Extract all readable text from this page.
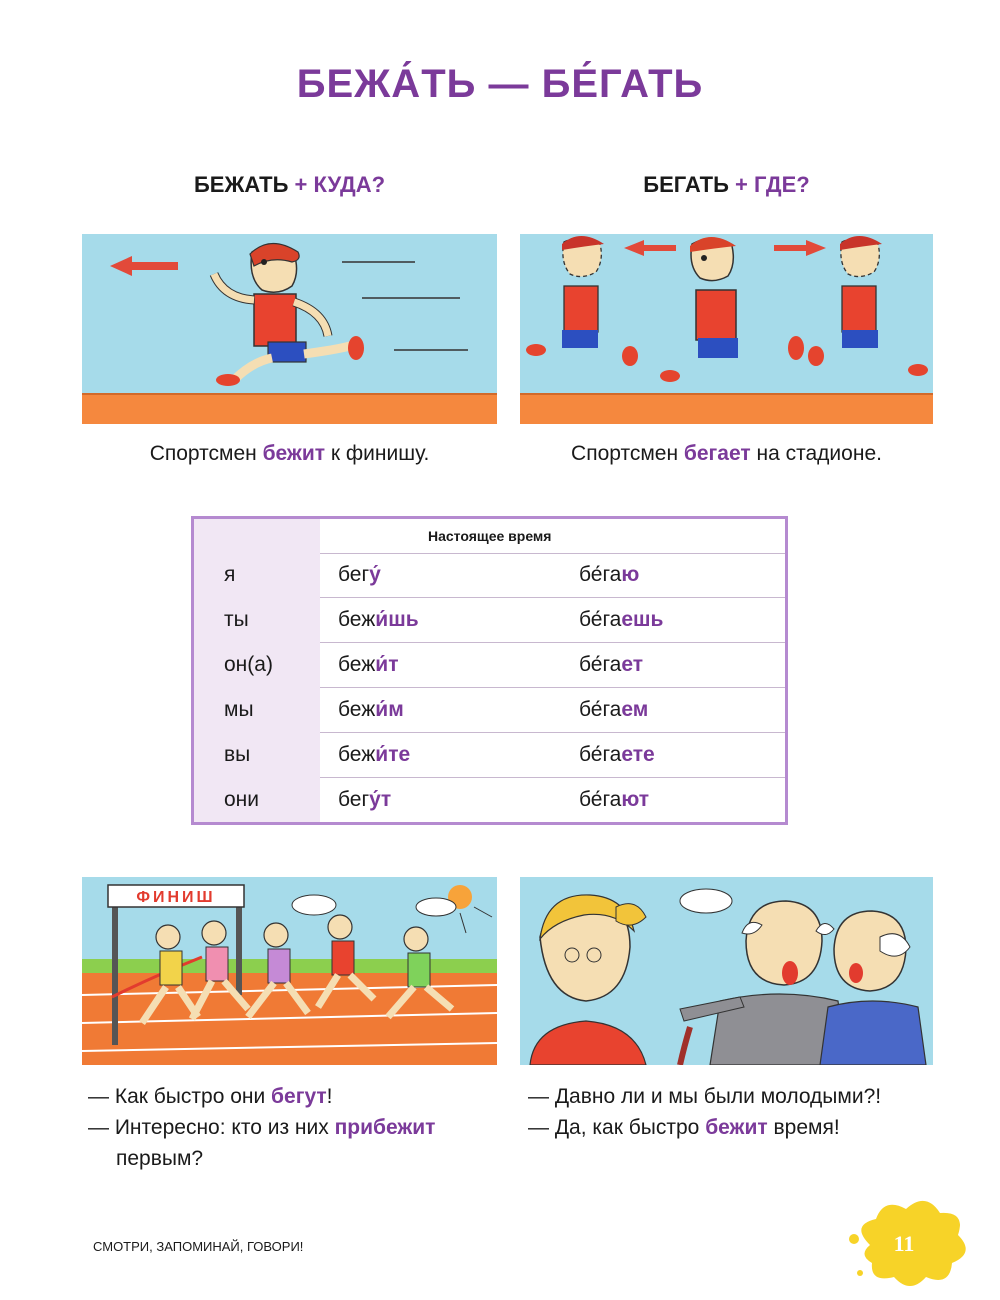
БЕЖА́ТЬ — БЕ́ГАТЬ
БЕЖАТЬ + КУДА?	БЕГАТЬ + ГДЕ?
Спортсмен бежит к финишу.	Спортсмен бегает на стадионе.
Настоящее время
я	бегу́	бе́гаю
ты	бежи́шь	бе́гаешь
он(а)	бежи́т	бе́гает
мы	бежи́м	бе́гаем
вы	бежи́те	бе́гаете
они	бегу́т	бе́гают
ФИНИШ
— Как быстро они бегут!
— Интересно: кто из них прибежит
первым?
— Давно ли и мы были молодыми?!
— Да, как быстро бежит время!
СМОТРИ, ЗАПОМИНАЙ, ГОВОРИ!	11
